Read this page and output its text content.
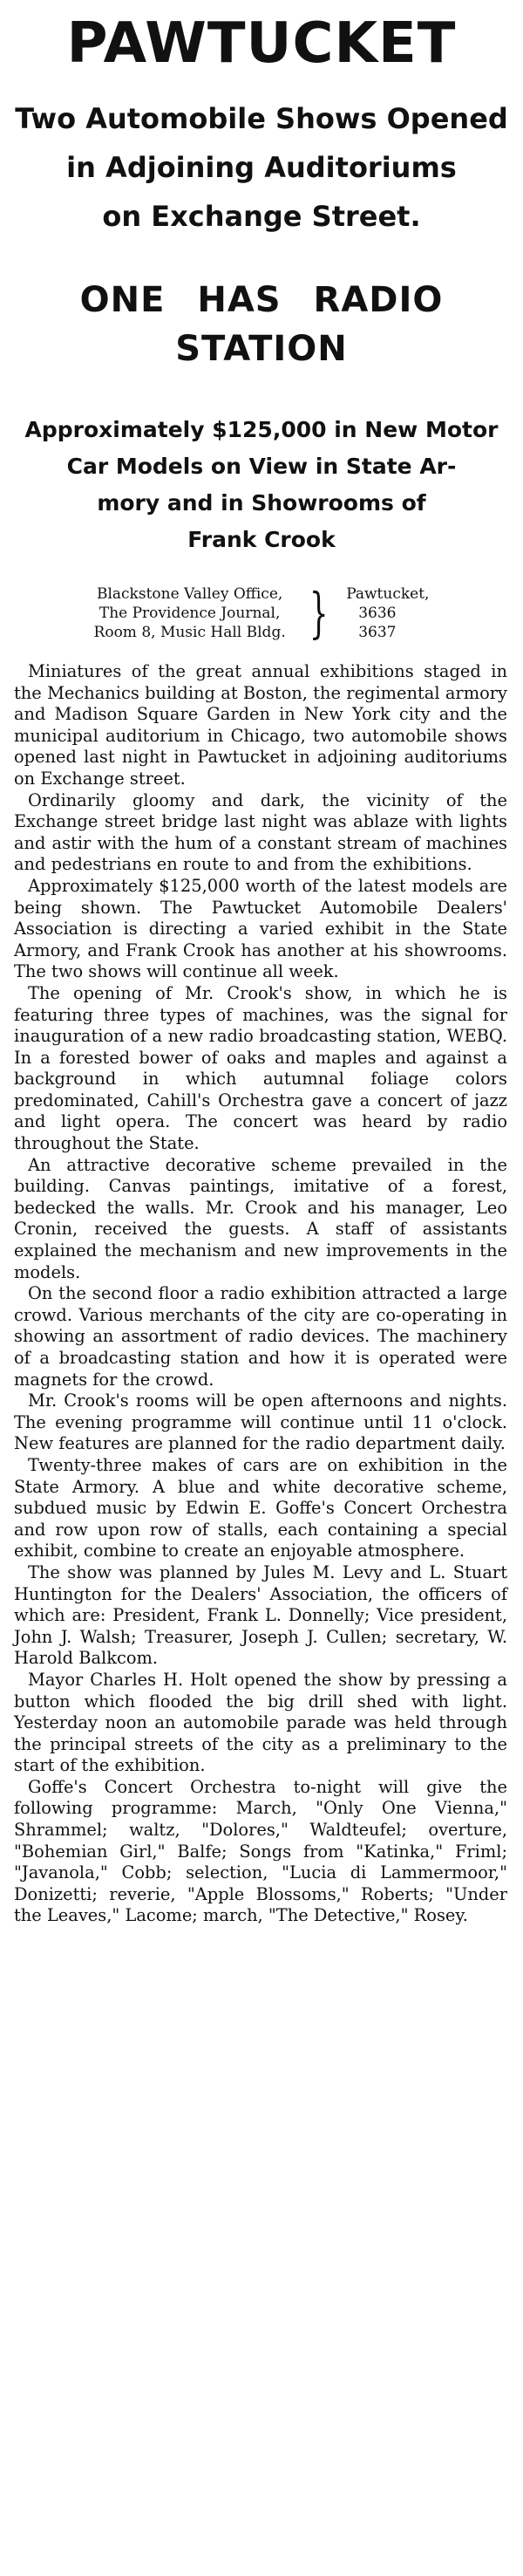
PAWTUCKET
Two Automobile Shows Opened
in Adjoining Auditoriums
on Exchange Street.
ONE HAS RADIO STATION
Approximately $125,000 in New Motor
Car Models on View in State Ar-
mory and in Showrooms of
Frank Crook
Blackstone Valley Office,
The Providence Journal,
Room 8, Music Hall Bldg. } Pawtucket,
3636
3637

Miniatures of the great annual exhibitions staged in the Mechanics building at Boston, the regimental armory and Madison Square Garden in New York city and the municipal auditorium in Chicago, two automobile shows opened last night in Pawtucket in adjoining auditoriums on Exchange street.

Ordinarily gloomy and dark, the vicinity of the Exchange street bridge last night was ablaze with lights and astir with the hum of a constant stream of machines and pedestrians en route to and from the exhibitions.

Approximately $125,000 worth of the latest models are being shown. The Pawtucket Automobile Dealers' Association is directing a varied exhibit in the State Armory, and Frank Crook has another at his showrooms. The two shows will continue all week.

The opening of Mr. Crook's show, in which he is featuring three types of machines, was the signal for inauguration of a new radio broadcasting station, WEBQ. In a forested bower of oaks and maples and against a background in which autumnal foliage colors predominated, Cahill's Orchestra gave a concert of jazz and light opera. The concert was heard by radio throughout the State.

An attractive decorative scheme prevailed in the building. Canvas paintings, imitative of a forest, bedecked the walls. Mr. Crook and his manager, Leo Cronin, received the guests. A staff of assistants explained the mechanism and new improvements in the models.

On the second floor a radio exhibition attracted a large crowd. Various merchants of the city are co-operating in showing an assortment of radio devices. The machinery of a broadcasting station and how it is operated were magnets for the crowd.

Mr. Crook's rooms will be open afternoons and nights. The evening programme will continue until 11 o'clock. New features are planned for the radio department daily.

Twenty-three makes of cars are on exhibition in the State Armory. A blue and white decorative scheme, subdued music by Edwin E. Goffe's Concert Orchestra and row upon row of stalls, each containing a special exhibit, combine to create an enjoyable atmosphere.

The show was planned by Jules M. Levy and L. Stuart Huntington for the Dealers' Association, the officers of which are: President, Frank L. Donnelly; Vice president, John J. Walsh; Treasurer, Joseph J. Cullen; secretary, W. Harold Balkcom.

Mayor Charles H. Holt opened the show by pressing a button which flooded the big drill shed with light. Yesterday noon an automobile parade was held through the principal streets of the city as a preliminary to the start of the exhibition.

Goffe's Concert Orchestra to-night will give the following programme: March, "Only One Vienna," Shrammel; waltz, "Dolores," Waldteufel; overture, "Bohemian Girl," Balfe; Songs from "Katinka," Friml; "Javanola," Cobb; selection, "Lucia di Lammermoor," Donizetti; reverie, "Apple Blossoms," Roberts; "Under the Leaves," Lacome; march, "The Detective," Rosey.
